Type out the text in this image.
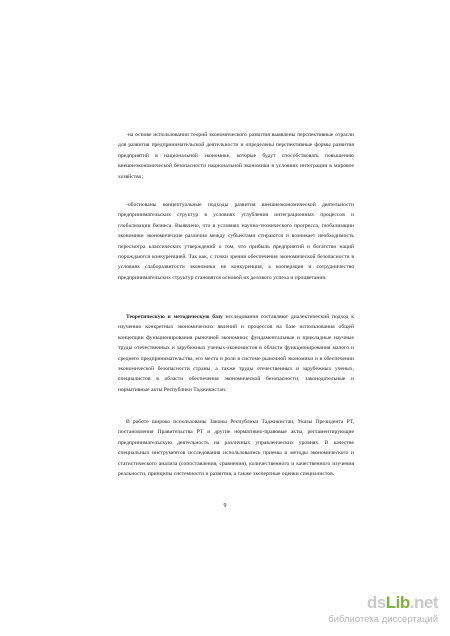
-на основе использовании теорий экономического развития выявлены перспективные отрасли для развития предпринимательской деятельности и определены перспективные формы развития предприятий в национальной экономике, которые будут способствовать повышению внешнеэкономической безопасности национальной экономики в условиях интеграции в мировое хозяйство;

-обоснованы концептуальные подходы развития внешнеэкономической деятельности предпринимательских структур в условиях углубления интеграционных процессов и глобализации бизнеса. Выявлено, что в условиях научно-технического прогресса, глобализации экономики экономические различия между субъектами стираются и возникает необходимость пересмотра классических утверждений о том, что прибыль предприятий и богатство наций порождаются конкуренцией. Так как, с точки зрения обеспечения экономической безопасности в условиях слаборазвитости экономики не конкуренция, а кооперация и сотрудничество предпринимательских структур становятся основой их делового успеха и процветания.

Теоретическую и методическую базу исследования составляют диалектический подход к изучению конкретных экономических явлений и процессов на базе использования общей концепции функционирования рыночной экономики; фундаментальные и прикладные научные труды отечественных и зарубежных ученых-экономистов в области функционирования малого и среднего предпринимательства, его места и роли в системе рыночной экономики и в обеспечении экономической безопасности страны, а также труды отечественных и зарубежных ученых, специалистов в области обеспечения экономической безопасности, законодательные и нормативные акты Республики Таджикистан.

В работе широко использованы Законы Республики Таджикистан, Указы Президента РТ, постановления Правительства РТ и другие нормативно-правовые акты, регламентирующие предпринимательскую деятельность на различных управленческих уровнях. В качестве специальных инструментов исследования использовались приемы и методы экономического и статистического анализа (сопоставления, сравнения), количественного и качественного изучения реальности, принципы системности и развития, а также экспертные оценки специалистов.

9
ds Lib .net
библиотека диссертаций
